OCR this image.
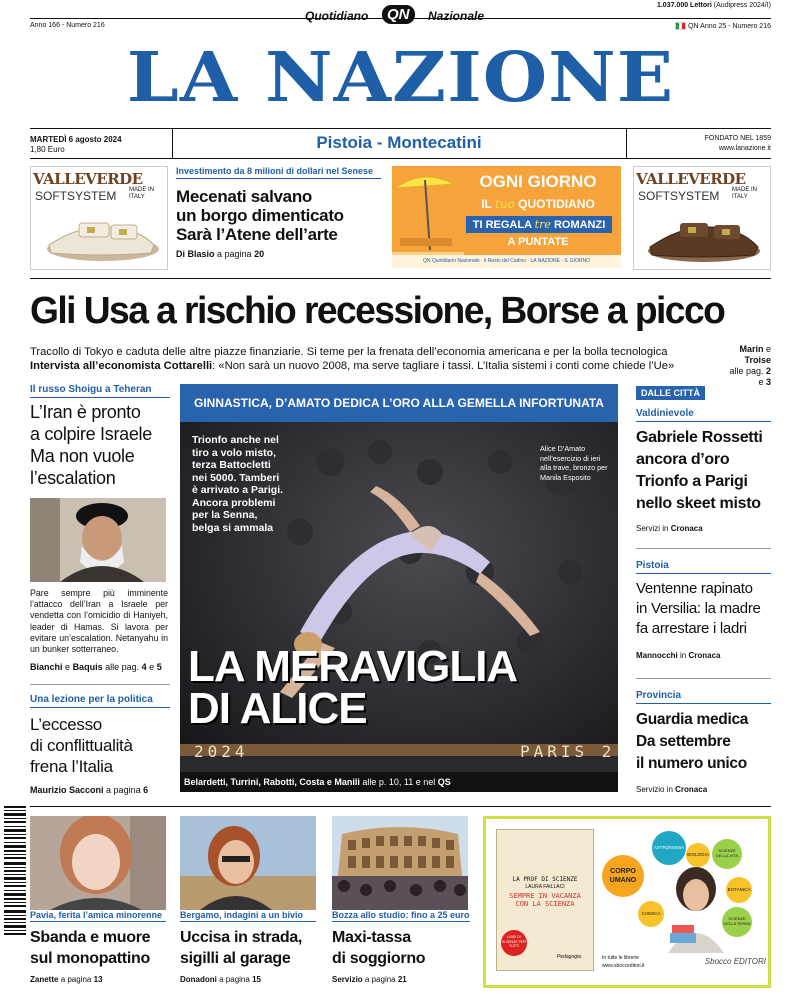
Quotidiano	QN	Nazionale
1.037.000 Lettori (Audipress 2024/I)
Anno 166 - Numero 216	QN Anno 25 - Numero 216
LA NAZIONE
MARTEDÌ 6 agosto 2024
1,80 Euro	Pistoia - Montecatini	FONDATO NEL 1859
www.lanazione.it
VALLEVERDE
SOFTSYSTEM MADE IN ITALY
Investimento da 8 milioni di dollari nel Senese
Mecenati salvano
un borgo dimenticato
Sarà l’Atene dell’arte
Di Blasio a pagina 20
OGNI GIORNO
IL tuo QUOTIDIANO
TI REGALA tre ROMANZI
A PUNTATE
QN Quotidiano Nazionale · il Resto del Carlino · LA NAZIONE · IL GIORNO
VALLEVERDE
SOFTSYSTEM MADE IN ITALY
Gli Usa a rischio recessione, Borse a picco
Tracollo di Tokyo e caduta delle altre piazze finanziarie. Si teme per la frenata dell’economia americana e per la bolla tecnologica
Intervista all’economista Cottarelli: «Non sarà un nuovo 2008, ma serve tagliare i tassi. L’Italia sistemi i conti come chiede l’Ue»
Marin e Troise alle pag. 2 e 3
Il russo Shoigu a Teheran
L’Iran è pronto
a colpire Israele
Ma non vuole
l’escalation
Pare sempre più imminente l’attacco dell’Iran a Israele per vendetta con l’omicidio di Haniyeh, leader di Hamas. Si lavora per evitare un’escalation. Netanyahu in un bunker sotterraneo.
Bianchi e Baquis alle pag. 4 e 5
Una lezione per la politica
L’eccesso
di conflittualità
frena l’Italia
Maurizio Sacconi a pagina 6
GINNASTICA, D’AMATO DEDICA L’ORO ALLA GEMELLA INFORTUNATA
Trionfo anche nel tiro a volo misto, terza Battocletti nei 5000. Tamberi è arrivato a Parigi. Ancora problemi per la Senna, belga si ammala
Alice D’Amato nell’esercizio di ieri alla trave, bronzo per Manila Esposito
LA MERAVIGLIA
DI ALICE
2024	PARIS 2
Belardetti, Turrini, Rabotti, Costa e Manili alle p. 10, 11 e nel QS
DALLE CITTÀ
Valdinievole
Gabriele Rossetti
ancora d’oro
Trionfo a Parigi
nello skeet misto
Servizi in Cronaca
Pistoia
Ventenne rapinato
in Versilia: la madre
fa arrestare i ladri
Mannocchi in Cronaca
Provincia
Guardia medica
Da settembre
il numero unico
Servizio in Cronaca
Pavia, ferita l’amica minorenne
Sbanda e muore
sul monopattino
Zanette a pagina 13
Bergamo, indagini a un bivio
Uccisa in strada,
sigilli al garage
Donadoni a pagina 15
Bozza allo studio: fino a 25 euro
Maxi-tassa
di soggiorno
Servizio a pagina 21
LA PROF DI SCIENZE
LAURA FAILLACI
SEMPRE IN VACANZA CON LA SCIENZA
Pedagogia
LIBRI DI SCIENZE PER TUTTI
CORPO UMANO
ASTRONOMIA
BIOLOGIA
SCIENZE DELLA VITA
BOTANICA
CHIMICA
SCIENZE DELLA TERRA
In tutte le librerie
www.sbocceditori.it	Sbocco EDITORI
